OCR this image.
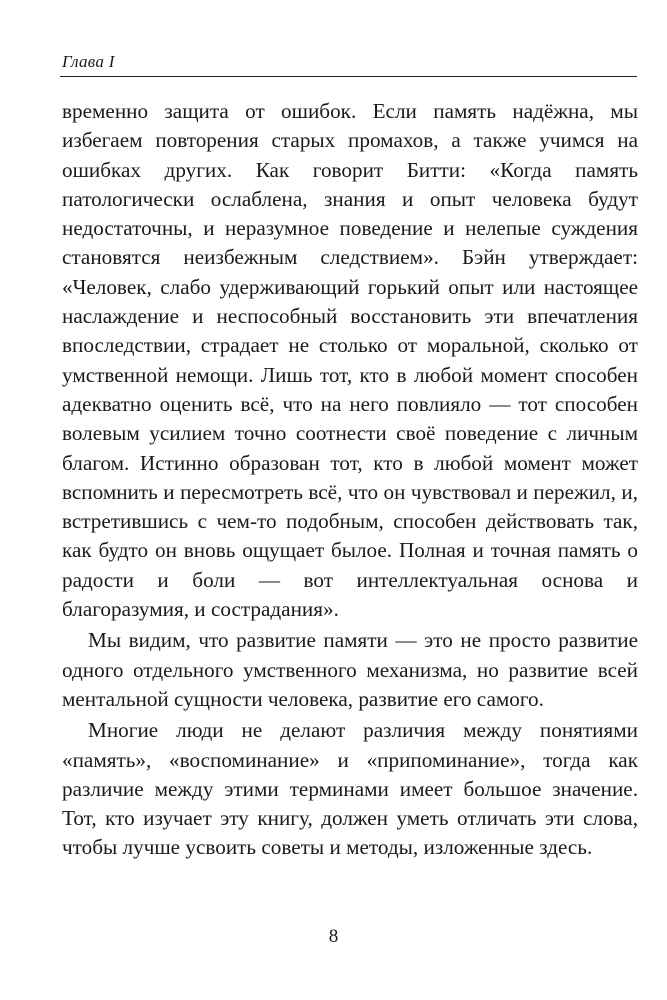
Глава I

временно защита от ошибок. Если память надёжна, мы избегаем повторения старых промахов, а также учимся на ошибках других. Как говорит Битти: «Когда память патологически ослаблена, знания и опыт человека будут недостаточны, и неразумное поведение и нелепые суждения становятся неизбежным следствием». Бэйн утверждает: «Человек, слабо удерживающий горький опыт или настоящее наслаждение и неспособный восстановить эти впечатления впоследствии, страдает не столько от моральной, сколько от умственной немощи. Лишь тот, кто в любой момент способен адекватно оценить всё, что на него повлияло — тот способен волевым усилием точно соотнести своё поведение с личным благом. Истинно образован тот, кто в любой момент может вспомнить и пересмотреть всё, что он чувствовал и пережил, и, встретившись с чем-то подобным, способен действовать так, как будто он вновь ощущает былое. Полная и точная память о радости и боли — вот интеллектуальная основа и благоразумия, и сострадания».

Мы видим, что развитие памяти — это не просто развитие одного отдельного умственного механизма, но развитие всей ментальной сущности человека, развитие его самого.

Многие люди не делают различия между понятиями «память», «воспоминание» и «припоминание», тогда как различие между этими терминами имеет большое значение. Тот, кто изучает эту книгу, должен уметь отличать эти слова, чтобы лучше усвоить советы и методы, изложенные здесь.

8
